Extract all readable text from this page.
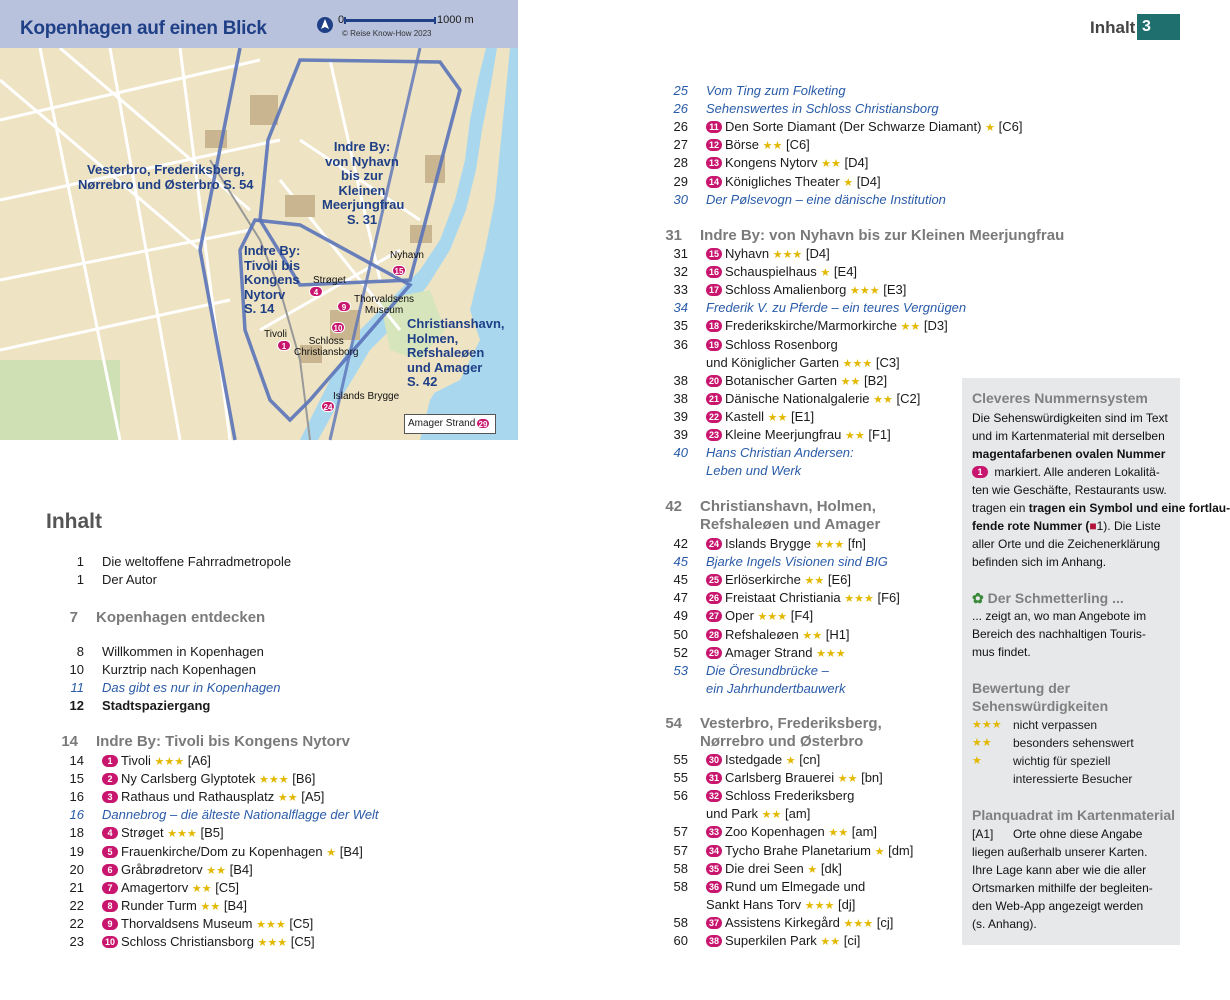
Kopenhagen auf einen Blick	0	1000 m
© Reise Know-How 2023
Vesterbro, Frederiksberg,
Nørrebro und Østerbro S. 54
Indre By:
von Nyhavn
bis zur
Kleinen
Meerjungfrau
S. 31
Indre By:
Tivoli bis
Kongens
Nytorv
S. 14
Christianshavn,
Holmen,
Refshaleøen
und Amager
S. 42
Nyhavn
15
Strøget
4
Thorvaldsens
Museum
9
10
Schloss
Christiansborg
Tivoli
1
Islands Brygge
24
Amager Strand 29
Inhalt
1 Die weltoffene Fahrradmetropole
1 Der Autor
7 Kopenhagen entdecken
8 Willkommen in Kopenhagen
10 Kurztrip nach Kopenhagen
11 Das gibt es nur in Kopenhagen
12 Stadtspaziergang
14 Indre By: Tivoli bis Kongens Nytorv
14	1 Tivoli ★★★ [A6]
15	2 Ny Carlsberg Glyptotek ★★★ [B6]
16	3 Rathaus und Rathausplatz ★★ [A5]
16 Dannebrog – die älteste Nationalflagge der Welt
18	4 Strøget ★★★ [B5]
19	5 Frauenkirche/Dom zu Kopenhagen ★ [B4]
20	6 Gråbrødretorv ★★ [B4]
21	7 Amagertorv ★★ [C5]
22	8 Runder Turm ★★ [B4]
22	9 Thorvaldsens Museum ★★★ [C5]
23	10 Schloss Christiansborg ★★★ [C5]
Inhalt 3
25 Vom Ting zum Folketing
26 Sehenswertes in Schloss Christiansborg
26	11 Den Sorte Diamant (Der Schwarze Diamant) ★ [C6]
27	12 Börse ★★ [C6]
28	13 Kongens Nytorv ★★ [D4]
29	14 Königliches Theater ★ [D4]
30 Der Pølsevogn – eine dänische Institution
31 Indre By: von Nyhavn bis zur Kleinen Meerjungfrau
31	15 Nyhavn ★★★ [D4]
32	16 Schauspielhaus ★ [E4]
33	17 Schloss Amalienborg ★★★ [E3]
34 Frederik V. zu Pferde – ein teures Vergnügen
35	18 Frederikskirche/Marmorkirche ★★ [D3]
36	19 Schloss Rosenborg
und Königlicher Garten ★★★ [C3]
38	20 Botanischer Garten ★★ [B2]
38	21 Dänische Nationalgalerie ★★ [C2]
39	22 Kastell ★★ [E1]
39	23 Kleine Meerjungfrau ★★ [F1]
40 Hans Christian Andersen:
Leben und Werk
42 Christianshavn, Holmen,
Refshaleøen und Amager
42	24 Islands Brygge ★★★ [fn]
45 Bjarke Ingels Visionen sind BIG
45	25 Erlöserkirche ★★ [E6]
47	26 Freistaat Christiania ★★★ [F6]
49	27 Oper ★★★ [F4]
50	28 Refshaleøen ★★ [H1]
52	29 Amager Strand ★★★
53 Die Öresundbrücke –
ein Jahrhundertbauwerk
54 Vesterbro, Frederiksberg,
Nørrebro und Østerbro
55	30 Istedgade ★ [cn]
55	31 Carlsberg Brauerei ★★ [bn]
56	32 Schloss Frederiksberg
und Park ★★ [am]
57	33 Zoo Kopenhagen ★★ [am]
57	34 Tycho Brahe Planetarium ★ [dm]
58	35 Die drei Seen ★ [dk]
58	36 Rund um Elmegade und
Sankt Hans Torv ★★★ [dj]
58	37 Assistens Kirkegård ★★★ [cj]
60	38 Superkilen Park ★★ [ci]
Cleveres Nummernsystem
Die Sehenswürdigkeiten sind im Text
und im Kartenmaterial mit derselben
magentafarbenen ovalen Nummer
1 markiert. Alle anderen Lokalitä-
ten wie Geschäfte, Restaurants usw.
tragen ein tragen ein Symbol und eine fortlau-
fende rote Nummer (■1). Die Liste
aller Orte und die Zeichenerklärung
befinden sich im Anhang.
✿ Der Schmetterling ...
... zeigt an, wo man Angebote im
Bereich des nachhaltigen Touris-
mus findet.
Bewertung der
Sehenswürdigkeiten
★★★ nicht verpassen
★★ besonders sehenswert
★	wichtig für speziell
interessierte Besucher
Planquadrat im Kartenmaterial
[A1] Orte ohne diese Angabe
liegen außerhalb unserer Karten.
Ihre Lage kann aber wie die aller
Ortsmarken mithilfe der begleiten-
den Web-App angezeigt werden
(s. Anhang).
